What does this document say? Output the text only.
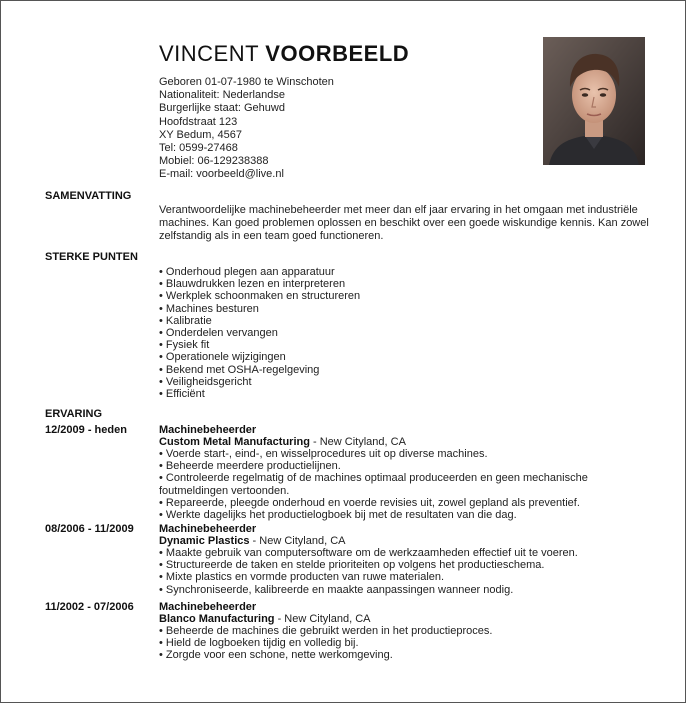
VINCENT VOORBEELD
Geboren 01-07-1980 te Winschoten
Nationaliteit: Nederlandse
Burgerlijke staat: Gehuwd
Hoofdstraat 123
XY Bedum, 4567
Tel: 0599-27468
Mobiel: 06-129238388
E-mail: voorbeeld@live.nl
SAMENVATTING
Verantwoordelijke machinebeheerder met meer dan elf jaar ervaring in het omgaan met industriële machines. Kan goed problemen oplossen en beschikt over een goede wiskundige kennis. Kan zowel zelfstandig als in een team goed functioneren.
STERKE PUNTEN
• Onderhoud plegen aan apparatuur
• Blauwdrukken lezen en interpreteren
• Werkplek schoonmaken en structureren
• Machines besturen
• Kalibratie
• Onderdelen vervangen
• Fysiek fit
• Operationele wijzigingen
• Bekend met OSHA-regelgeving
• Veiligheidsgericht
• Efficiënt
ERVARING
12/2009 - heden	Machinebeheerder
Custom Metal Manufacturing - New Cityland, CA
• Voerde start-, eind-, en wisselprocedures uit op diverse machines.
• Beheerde meerdere productielijnen.
• Controleerde regelmatig of de machines optimaal produceerden en geen mechanische foutmeldingen vertoonden.
• Repareerde, pleegde onderhoud en voerde revisies uit, zowel gepland als preventief.
• Werkte dagelijks het productielogboek bij met de resultaten van die dag.
08/2006 - 11/2009 Machinebeheerder
Dynamic Plastics - New Cityland, CA
• Maakte gebruik van computersoftware om de werkzaamheden effectief uit te voeren.
• Structureerde de taken en stelde prioriteiten op volgens het productieschema.
• Mixte plastics en vormde producten van ruwe materialen.
• Synchroniseerde, kalibreerde en maakte aanpassingen wanneer nodig.
11/2002 - 07/2006 Machinebeheerder
Blanco Manufacturing - New Cityland, CA
• Beheerde de machines die gebruikt werden in het productieproces.
• Hield de logboeken tijdig en volledig bij.
• Zorgde voor een schone, nette werkomgeving.
